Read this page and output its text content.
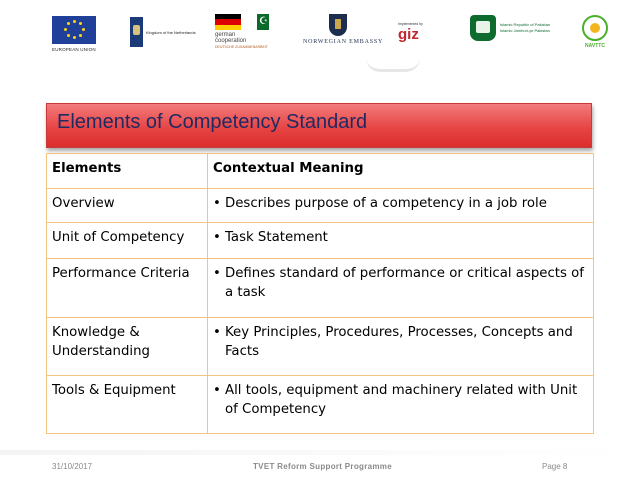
EUROPEAN UNION
Kingdom of the Netherlands
☪	german
cooperation
DEUTSCHE ZUSAMMENARBEIT
NORWEGIAN EMBASSY
Implemented by
giz
Islamic Republic of Pakistan
Islamic Jamhuri-ye Pakistan
NAVTTC
Elements of Competency Standard
Elements	Contextual Meaning
Overview	• Describes purpose of a competency in a job role

Unit of Competency	• Task Statement

Performance Criteria	• Defines standard of performance or critical aspects of a task

Knowledge & Understanding	• Key Principles, Procedures, Processes, Concepts and Facts

Tools & Equipment	• All tools, equipment and machinery related with Unit of Competency
31/10/2017	TVET Reform Support Programme	Page 8
